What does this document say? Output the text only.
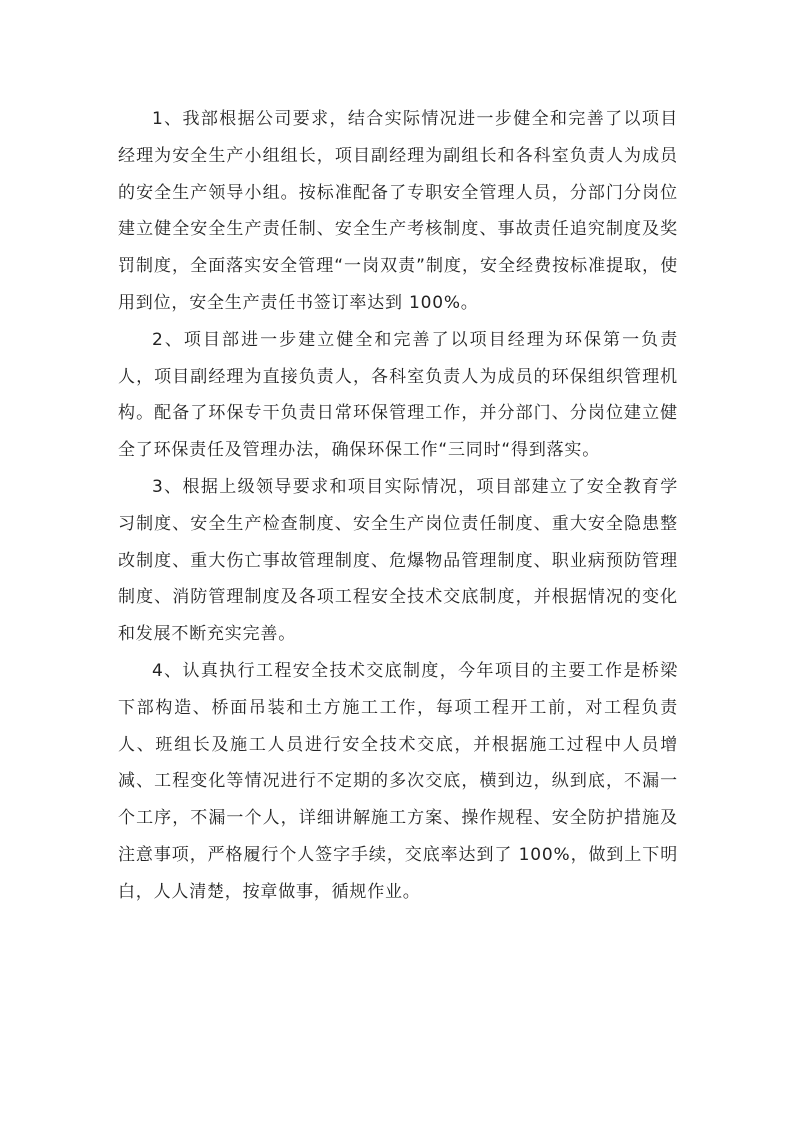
1、我部根据公司要求，结合实际情况进一步健全和完善了以项目经理为安全生产小组组长，项目副经理为副组长和各科室负责人为成员的安全生产领导小组。按标准配备了专职安全管理人员，分部门分岗位建立健全安全生产责任制、安全生产考核制度、事故责任追究制度及奖罚制度，全面落实安全管理“一岗双责”制度，安全经费按标准提取，使用到位，安全生产责任书签订率达到 100%。

2、项目部进一步建立健全和完善了以项目经理为环保第一负责人，项目副经理为直接负责人，各科室负责人为成员的环保组织管理机构。配备了环保专干负责日常环保管理工作，并分部门、分岗位建立健全了环保责任及管理办法，确保环保工作“三同时“得到落实。

3、根据上级领导要求和项目实际情况，项目部建立了安全教育学习制度、安全生产检查制度、安全生产岗位责任制度、重大安全隐患整改制度、重大伤亡事故管理制度、危爆物品管理制度、职业病预防管理制度、消防管理制度及各项工程安全技术交底制度，并根据情况的变化和发展不断充实完善。

4、认真执行工程安全技术交底制度，今年项目的主要工作是桥梁下部构造、桥面吊装和土方施工工作，每项工程开工前，对工程负责人、班组长及施工人员进行安全技术交底，并根据施工过程中人员增减、工程变化等情况进行不定期的多次交底，横到边，纵到底，不漏一个工序，不漏一个人，详细讲解施工方案、操作规程、安全防护措施及注意事项，严格履行个人签字手续，交底率达到了 100%，做到上下明白，人人清楚，按章做事，循规作业。
